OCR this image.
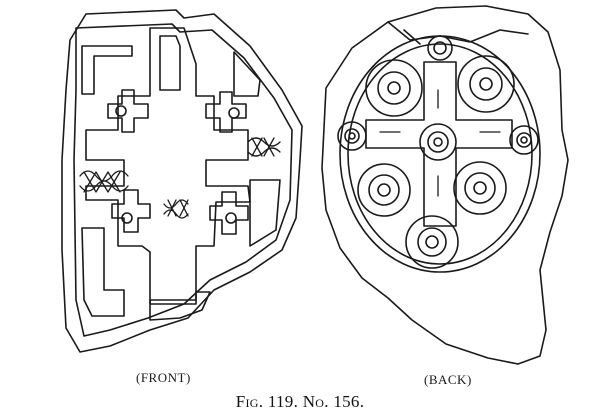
(FRONT)	(BACK)
Fig. 119. No. 156.
